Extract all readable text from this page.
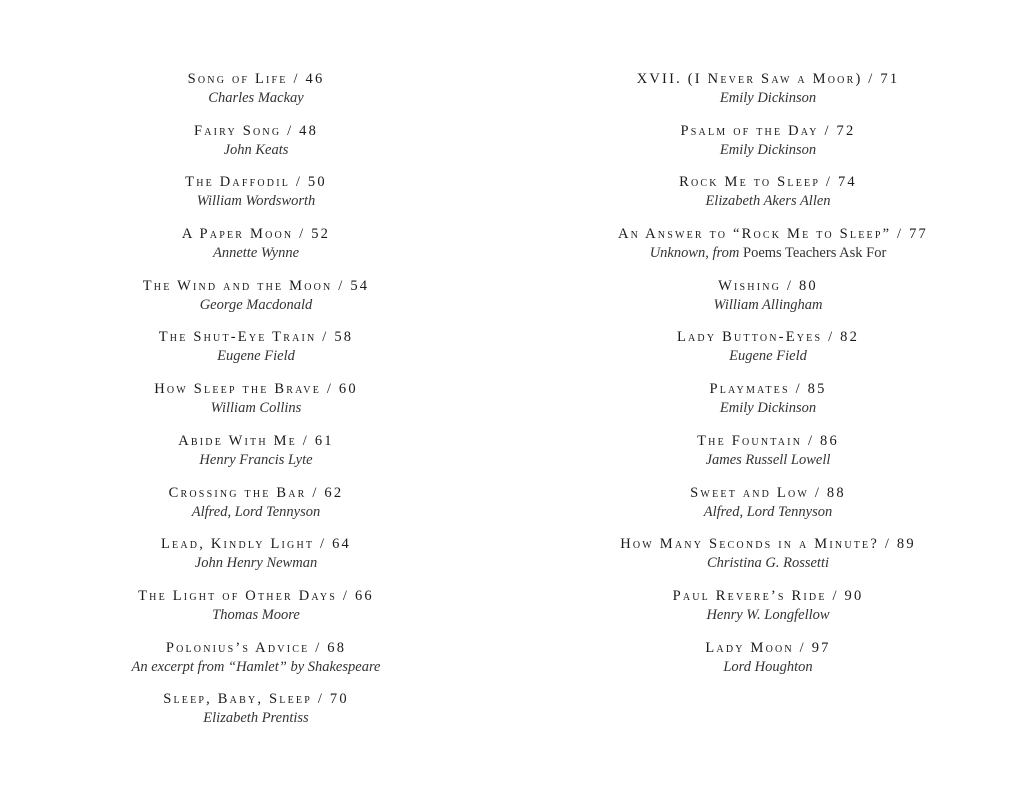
Song of Life / 46
Charles Mackay
Fairy Song / 48
John Keats
The Daffodil / 50
William Wordsworth
A Paper Moon / 52
Annette Wynne
The Wind and the Moon / 54
George Macdonald
The Shut-Eye Train / 58
Eugene Field
How Sleep the Brave / 60
William Collins
Abide With Me / 61
Henry Francis Lyte
Crossing the Bar / 62
Alfred, Lord Tennyson
Lead, Kindly Light / 64
John Henry Newman
The Light of Other Days / 66
Thomas Moore
Polonius’s Advice / 68
An excerpt from “Hamlet” by Shakespeare
Sleep, Baby, Sleep / 70
Elizabeth Prentiss
XVII. (I Never Saw a Moor) / 71
Emily Dickinson
Psalm of the Day / 72
Emily Dickinson
Rock Me to Sleep / 74
Elizabeth Akers Allen
An Answer to “Rock Me to Sleep” / 77
Unknown, from Poems Teachers Ask For
Wishing / 80
William Allingham
Lady Button-Eyes / 82
Eugene Field
Playmates / 85
Emily Dickinson
The Fountain / 86
James Russell Lowell
Sweet and Low / 88
Alfred, Lord Tennyson
How Many Seconds in a Minute? / 89
Christina G. Rossetti
Paul Revere’s Ride / 90
Henry W. Longfellow
Lady Moon / 97
Lord Houghton
